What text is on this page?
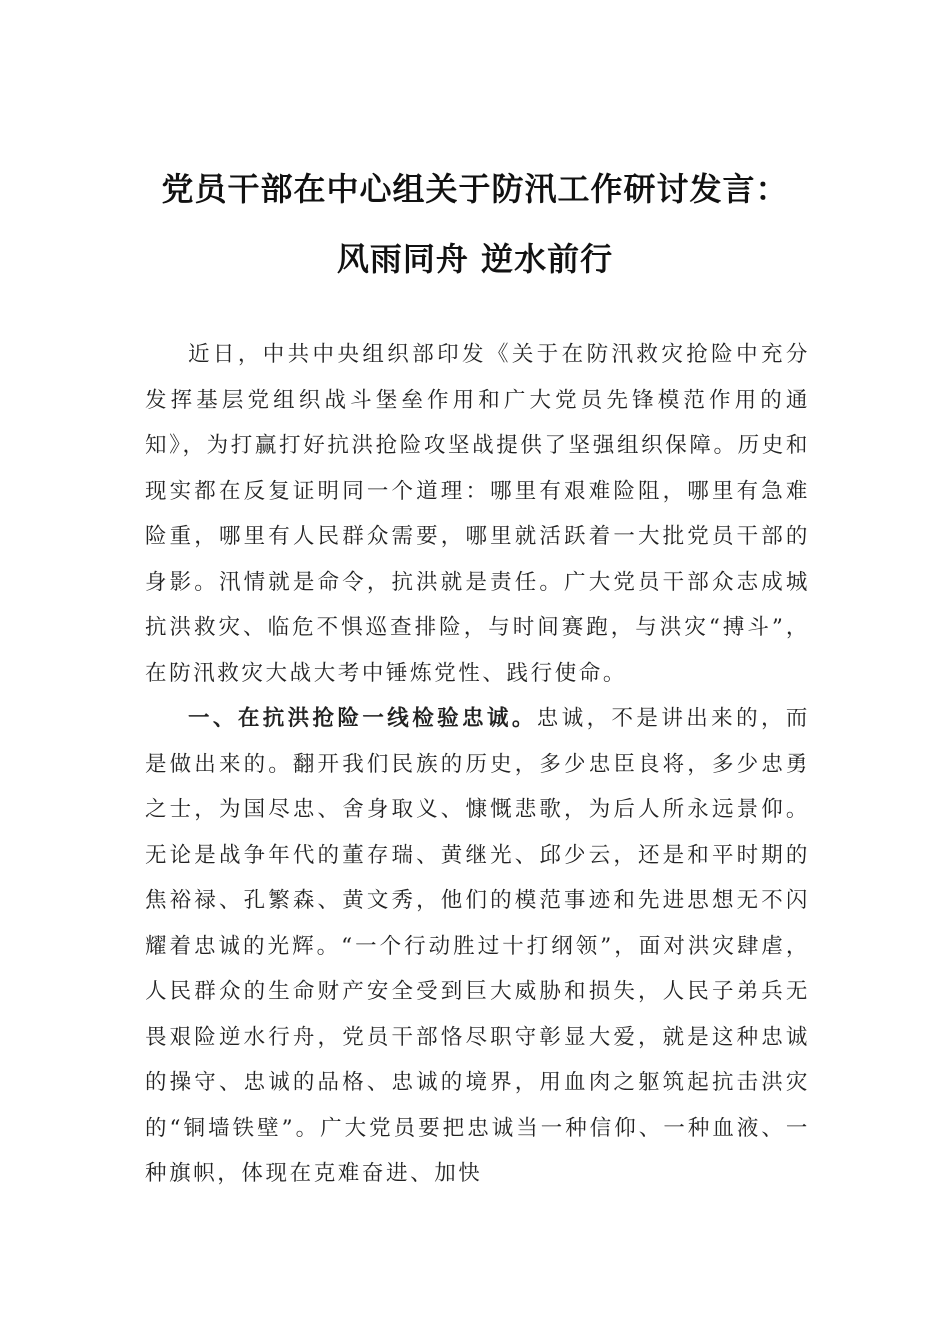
党员干部在中心组关于防汛工作研讨发言：
风雨同舟 逆水前行

近日，中共中央组织部印发《关于在防汛救灾抢险中充分发挥基层党组织战斗堡垒作用和广大党员先锋模范作用的通知》，为打赢打好抗洪抢险攻坚战提供了坚强组织保障。历史和现实都在反复证明同一个道理：哪里有艰难险阻，哪里有急难险重，哪里有人民群众需要，哪里就活跃着一大批党员干部的身影。汛情就是命令，抗洪就是责任。广大党员干部众志成城抗洪救灾、临危不惧巡查排险，与时间赛跑，与洪灾“搏斗”，在防汛救灾大战大考中锤炼党性、践行使命。

一、在抗洪抢险一线检验忠诚。忠诚，不是讲出来的，而是做出来的。翻开我们民族的历史，多少忠臣良将，多少忠勇之士，为国尽忠、舍身取义、慷慨悲歌，为后人所永远景仰。无论是战争年代的董存瑞、黄继光、邱少云，还是和平时期的焦裕禄、孔繁森、黄文秀，他们的模范事迹和先进思想无不闪耀着忠诚的光辉。“一个行动胜过十打纲领”，面对洪灾肆虐，人民群众的生命财产安全受到巨大威胁和损失，人民子弟兵无畏艰险逆水行舟，党员干部恪尽职守彰显大爱，就是这种忠诚的操守、忠诚的品格、忠诚的境界，用血肉之躯筑起抗击洪灾的“铜墙铁壁”。广大党员要把忠诚当一种信仰、一种血液、一种旗帜，体现在克难奋进、加快
